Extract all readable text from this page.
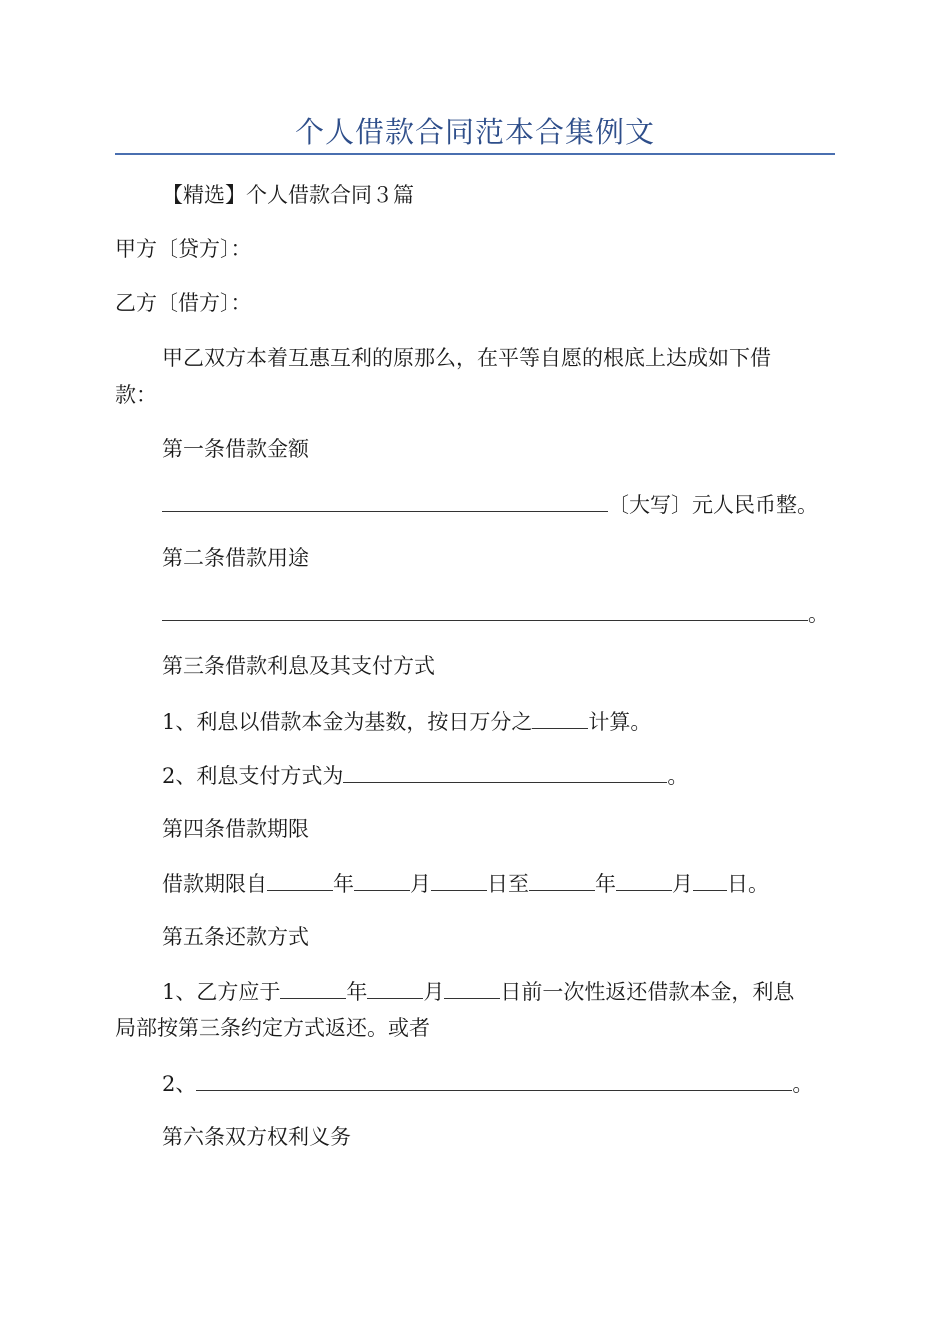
个人借款合同范本合集例文
【精选】个人借款合同３篇
甲方〔贷方〕：
乙方〔借方〕：
甲乙双方本着互惠互利的原那么，在平等自愿的根底上达成如下借
款：
第一条借款金额
〔大写〕元人民币整。
第二条借款用途
。
第三条借款利息及其支付方式
1、利息以借款本金为基数，按日万分之	计算。
2、利息支付方式为	。
第四条借款期限
借款期限自	年	月	日至	年	月 日。
第五条还款方式
1、乙方应于	年	月	日前一次性返还借款本金，利息
局部按第三条约定方式返还。或者
2、	。
第六条双方权利义务
